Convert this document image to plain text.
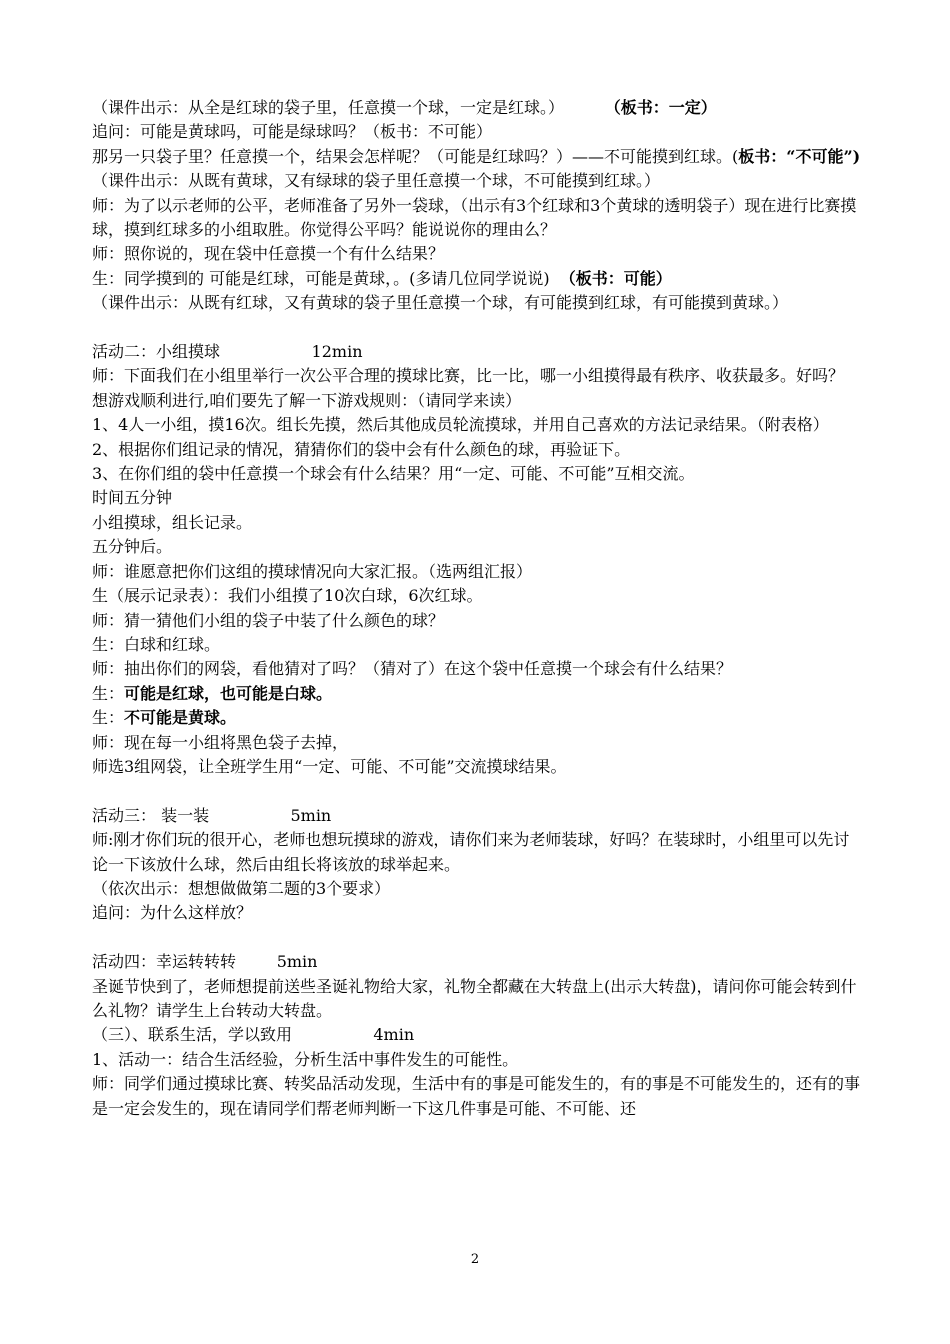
（课件出示：从全是红球的袋子里，任意摸一个球，一定是红球。）	（板书：一定）
追问：可能是黄球吗，可能是绿球吗？（板书：不可能）
那另一只袋子里？任意摸一个，结果会怎样呢？（可能是红球吗？）——不可能摸到红球。(板书：“不可能”)
（课件出示：从既有黄球，又有绿球的袋子里任意摸一个球，不可能摸到红球。）
师：为了以示老师的公平，老师准备了另外一袋球，（出示有3个红球和3个黄球的透明袋子）现在进行比赛摸球，摸到红球多的小组取胜。你觉得公平吗？能说说你的理由么？
师：照你说的，现在袋中任意摸一个有什么结果？
生：同学摸到的 可能是红球，可能是黄球，。(多请几位同学说说) （板书：可能）
（课件出示：从既有红球，又有黄球的袋子里任意摸一个球，有可能摸到红球，有可能摸到黄球。）
活动二：小组摸球                  12min
师：下面我们在小组里举行一次公平合理的摸球比赛，比一比，哪一小组摸得最有秩序、收获最多。好吗？
想游戏顺利进行,咱们要先了解一下游戏规则：（请同学来读）
1、4人一小组，摸16次。组长先摸，然后其他成员轮流摸球，并用自己喜欢的方法记录结果。（附表格）
2、根据你们组记录的情况，猜猜你们的袋中会有什么颜色的球，再验证下。
3、在你们组的袋中任意摸一个球会有什么结果？用“一定、可能、不可能”互相交流。
时间五分钟
小组摸球，组长记录。
五分钟后。
师：谁愿意把你们这组的摸球情况向大家汇报。（选两组汇报）
生（展示记录表）：我们小组摸了10次白球，6次红球。
师：猜一猜他们小组的袋子中装了什么颜色的球？
生：白球和红球。
师：抽出你们的网袋，看他猜对了吗？（猜对了）在这个袋中任意摸一个球会有什么结果？
生：可能是红球，也可能是白球。
生：不可能是黄球。
师：现在每一小组将黑色袋子去掉，
师选3组网袋，让全班学生用“一定、可能、不可能”交流摸球结果。
活动三： 装一装                5min
师:刚才你们玩的很开心，老师也想玩摸球的游戏，请你们来为老师装球，好吗？在装球时，小组里可以先讨论一下该放什么球，然后由组长将该放的球举起来。
（依次出示：想想做做第二题的3个要求）
追问：为什么这样放？
活动四：幸运转转转        5min
圣诞节快到了，老师想提前送些圣诞礼物给大家，礼物全都藏在大转盘上(出示大转盘)，请问你可能会转到什么礼物？请学生上台转动大转盘。
（三）、联系生活，学以致用                4min
1、活动一：结合生活经验，分析生活中事件发生的可能性。
师：同学们通过摸球比赛、转奖品活动发现，生活中有的事是可能发生的，有的事是不可能发生的，还有的事是一定会发生的，现在请同学们帮老师判断一下这几件事是可能、不可能、还
2
